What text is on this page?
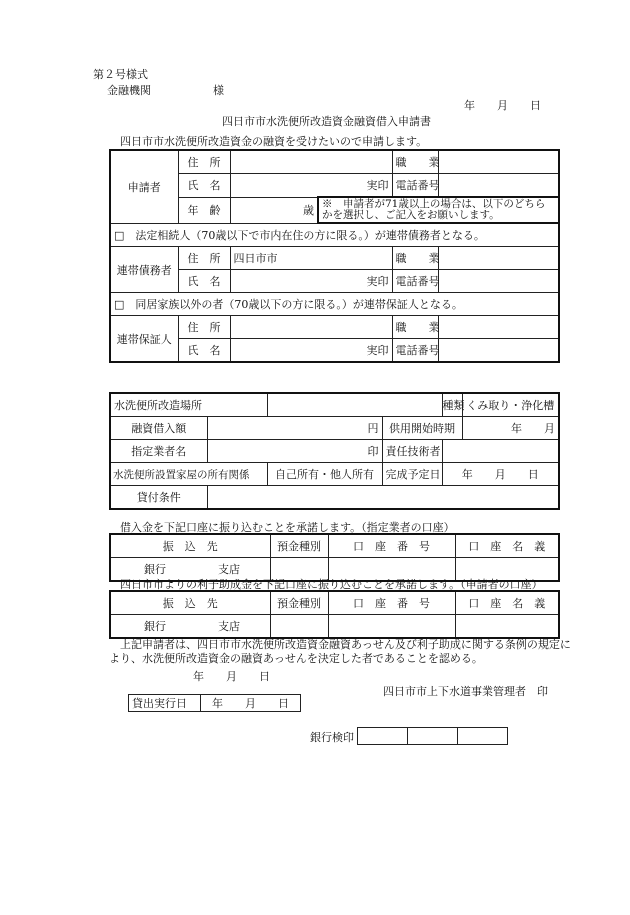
第２号様式
金融機関	様
年　　月　　日
四日市市水洗便所改造資金融資借入申請書
四日市市水洗便所改造資金の融資を受けたいので申請します。
申請者	住　所			職　　業	
	氏　名	実印		電話番号	
	年　齢	歳	※　申請者が71歳以上の場合は、以下のどちらかを選択し、ご記入をお願いします。		
□　法定相続人（70歳以下で市内在住の方に限る。）が連帯債務者となる。					
連帯債務者	住　所	四日市市		職　　業	
	氏　名	実印		電話番号	
□　同居家族以外の者（70歳以下の方に限る。）が連帯保証人となる。					
連帯保証人	住　所			職　　業	
	氏　名	実印		電話番号	
水洗便所改造場所				種類	くみ取り・浄化槽
融資借入額	円		供用開始時期		年　　月
指定業者名	印		責任技術者		
水洗便所設置家屋の所有関係		自己所有・他人所有	完成予定日	年　　月　　日	
貸付条件					
借入金を下記口座に振り込むことを承諾します。（指定業者の口座）
振　込　先	預金種別	口　座　番　号	口　座　名　義
銀行 支店			
四日市市よりの利子助成金を下記口座に振り込むことを承諾します。（申請者の口座）
振　込　先	預金種別	口　座　番　号	口　座　名　義
銀行 支店			
上記申請者は、四日市市水洗便所改造資金融資あっせん及び利子助成に関する条例の規定により、水洗便所改造資金の融資あっせんを決定した者であることを認める。
年　　月　　日
四日市市上下水道事業管理者　印
貸出実行日	年　　月　　日
銀行検印
